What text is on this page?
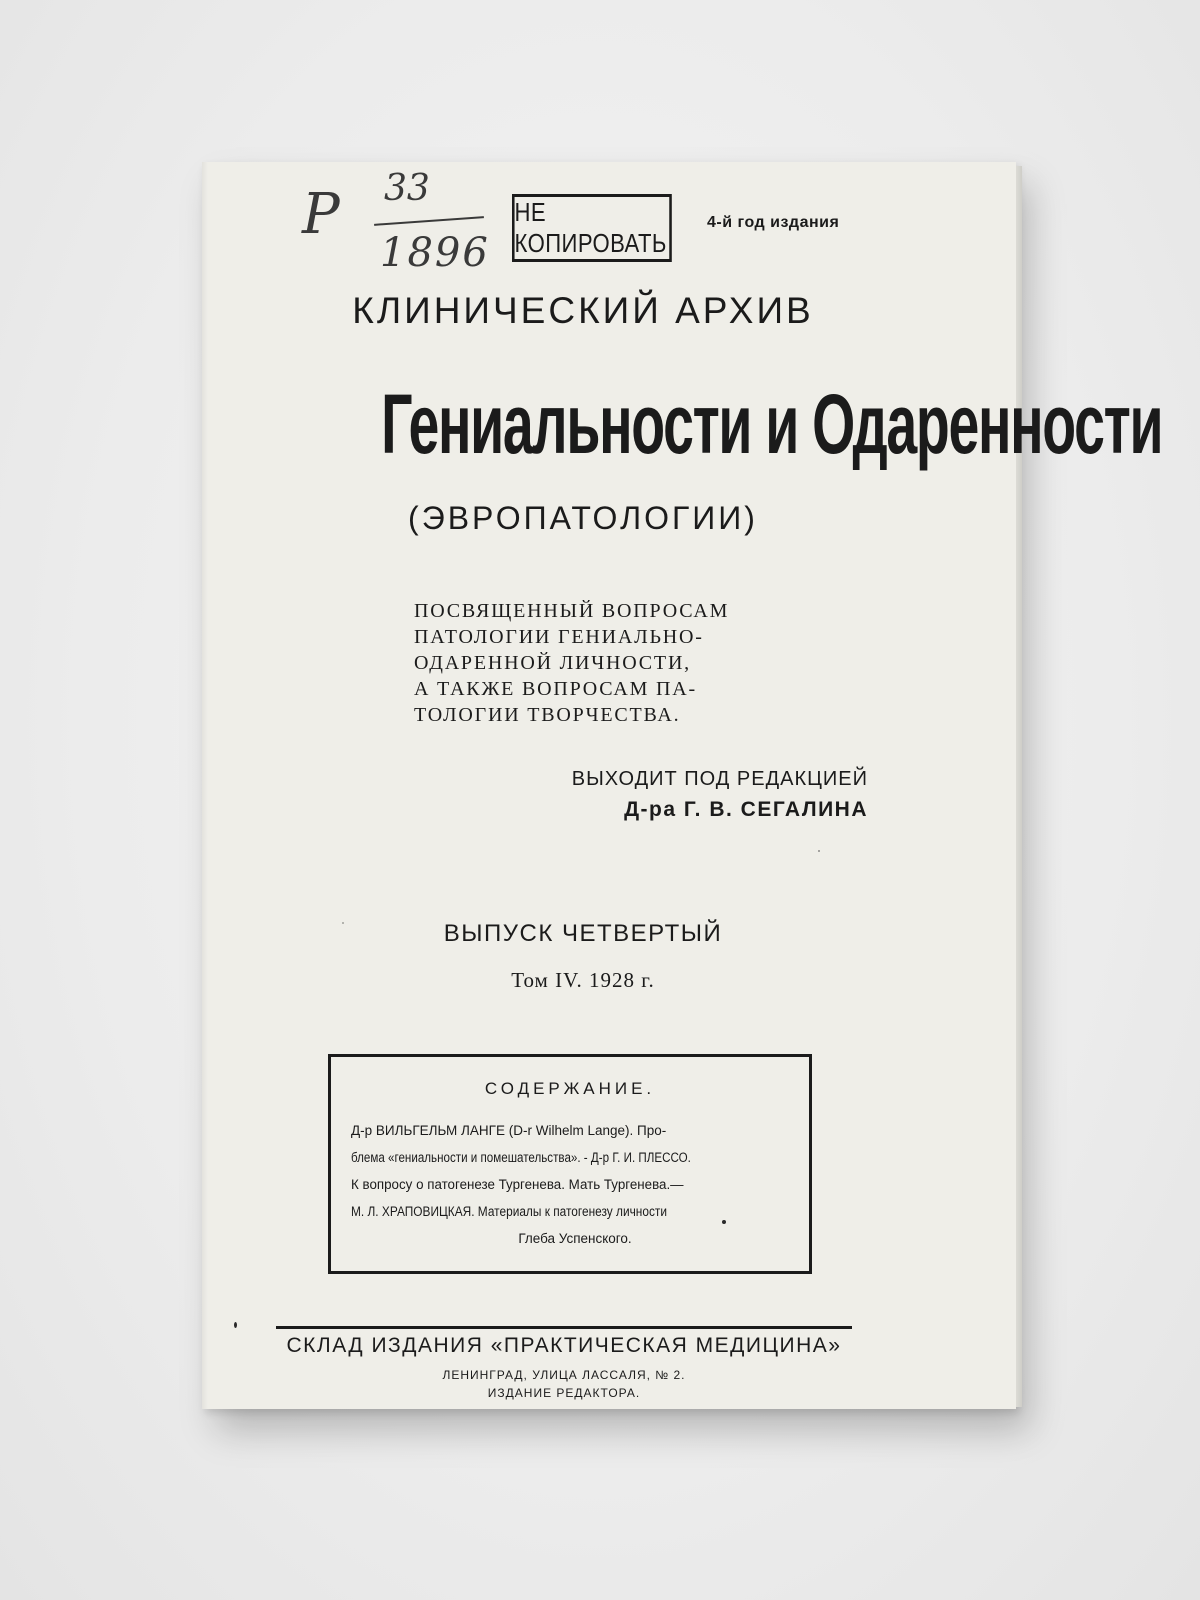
Р 33
1896
НЕ КОПИРОВАТЬ
4-й год издания
КЛИНИЧЕСКИЙ АРХИВ
Гениальности и Одаренности
(ЭВРОПАТОЛОГИИ)
ПОСВЯЩЕННЫЙ ВОПРОСАМ
ПАТОЛОГИИ ГЕНИАЛЬНО-
ОДАРЕННОЙ ЛИЧНОСТИ,
А ТАКЖЕ ВОПРОСАМ ПА-
ТОЛОГИИ ТВОРЧЕСТВА.
ВЫХОДИТ ПОД РЕДАКЦИЕЙ
Д-ра Г. В. СЕГАЛИНА
ВЫПУСК ЧЕТВЕРТЫЙ
Том IV. 1928 г.
СОДЕРЖАНИЕ.
Д-р ВИЛЬГЕЛЬМ ЛАНГЕ (D-r Wilhelm Lange). Про-
блема «гениальности и помешательства». - Д-р Г. И. ПЛЕССО.
К вопросу о патогенезе Тургенева. Мать Тургенева.—
М. Л. ХРАПОВИЦКАЯ. Материалы к патогенезу личности
Глеба Успенского.
СКЛАД ИЗДАНИЯ «ПРАКТИЧЕСКАЯ МЕДИЦИНА»
ЛЕНИНГРАД, УЛИЦА ЛАССАЛЯ, № 2.
ИЗДАНИЕ РЕДАКТОРА.
